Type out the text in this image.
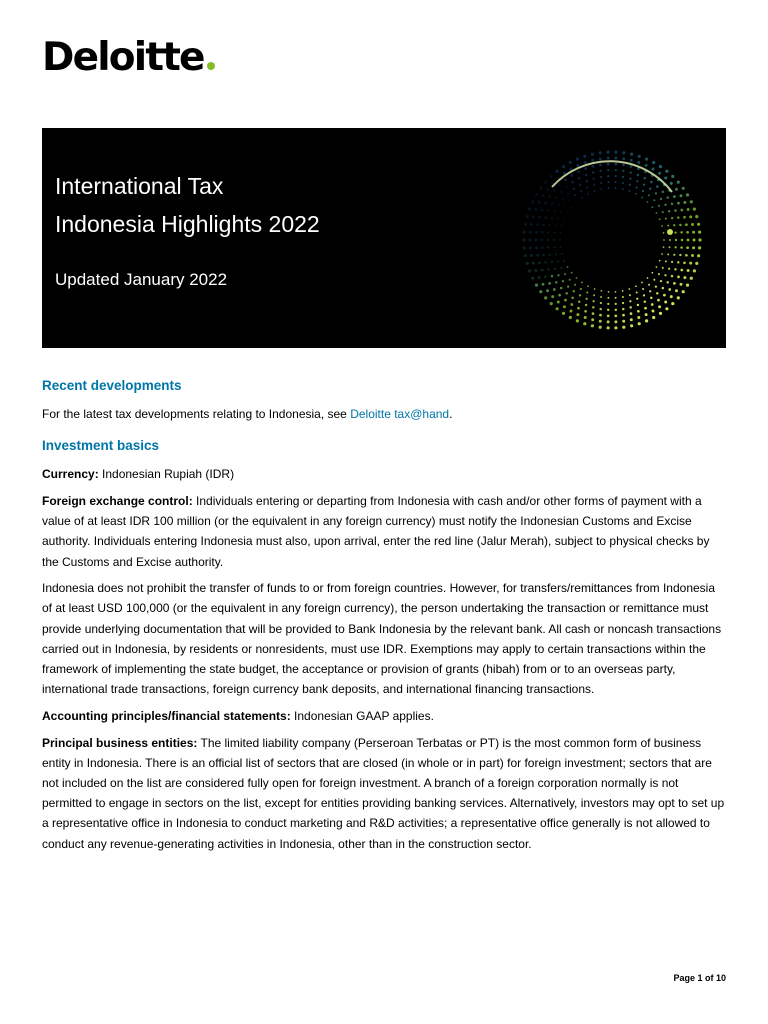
Deloitte
International Tax
Indonesia Highlights 2022
Updated January 2022
Recent developments

For the latest tax developments relating to Indonesia, see Deloitte tax@hand.

Investment basics

Currency: Indonesian Rupiah (IDR)

Foreign exchange control: Individuals entering or departing from Indonesia with cash and/or other forms of payment with a value of at least IDR 100 million (or the equivalent in any foreign currency) must notify the Indonesian Customs and Excise authority. Individuals entering Indonesia must also, upon arrival, enter the red line (Jalur Merah), subject to physical checks by the Customs and Excise authority.

Indonesia does not prohibit the transfer of funds to or from foreign countries. However, for transfers/remittances from Indonesia of at least USD 100,000 (or the equivalent in any foreign currency), the person undertaking the transaction or remittance must provide underlying documentation that will be provided to Bank Indonesia by the relevant bank. All cash or noncash transactions carried out in Indonesia, by residents or nonresidents, must use IDR. Exemptions may apply to certain transactions within the framework of implementing the state budget, the acceptance or provision of grants (hibah) from or to an overseas party, international trade transactions, foreign currency bank deposits, and international financing transactions.

Accounting principles/financial statements: Indonesian GAAP applies.

Principal business entities: The limited liability company (Perseroan Terbatas or PT) is the most common form of business entity in Indonesia. There is an official list of sectors that are closed (in whole or in part) for foreign investment; sectors that are not included on the list are considered fully open for foreign investment. A branch of a foreign corporation normally is not permitted to engage in sectors on the list, except for entities providing banking services. Alternatively, investors may opt to set up a representative office in Indonesia to conduct marketing and R&D activities; a representative office generally is not allowed to conduct any revenue-generating activities in Indonesia, other than in the construction sector.

Page 1 of 10
